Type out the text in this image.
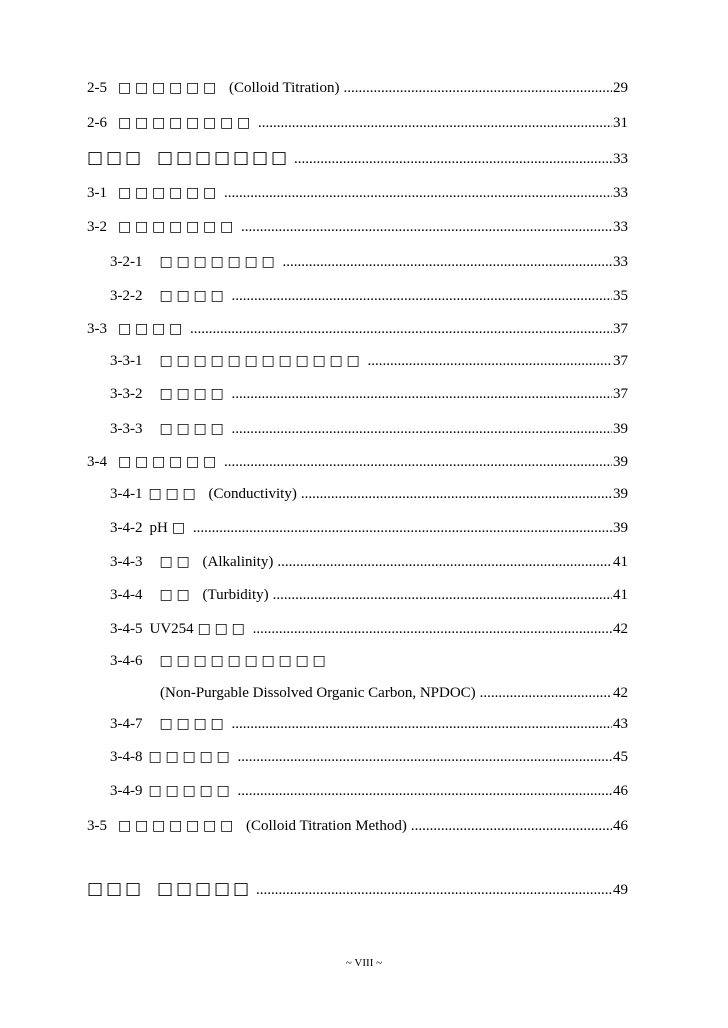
2-5 □ □ □ □ □ □ (Colloid Titration) .....	29
2-6 □ □ □ □ □ □ □ □ .....	31
□ □ □ □ □ □ □ □ □ □ .....	33
3-1 □ □ □ □ □ □ .....	33
3-2 □ □ □ □ □ □ □ .....	33
3-2-1 □ □ □ □ □ □ □ .....	33
3-2-2 □ □ □ □ .....	35
3-3 □ □ □ □ .....	37
3-3-1 □ □ □ □ □ □ □ □ □ □ □ □ .....	37
3-3-2 □ □ □ □ .....	37
3-3-3 □ □ □ □ .....	39
3-4 □ □ □ □ □ □ .....	39
3-4-1 □ □ □ (Conductivity) .....	39
3-4-2 pH □ .....	39
3-4-3 □ □ (Alkalinity) .....	41
3-4-4 □ □ (Turbidity) .....	41
3-4-5 UV254 □ □ □ .....	42
3-4-6 □ □ □ □ □ □ □ □ □ □
(Non-Purgable Dissolved Organic Carbon, NPDOC) .....	42
3-4-7 □ □ □ □ .....	43
3-4-8 □ □ □ □ □ .....	45
3-4-9 □ □ □ □ □ .....	46
3-5 □ □ □ □ □ □ □ (Colloid Titration Method) .....	46
□ □ □ □ □ □ □ □ .....	49
~ VIII ~
